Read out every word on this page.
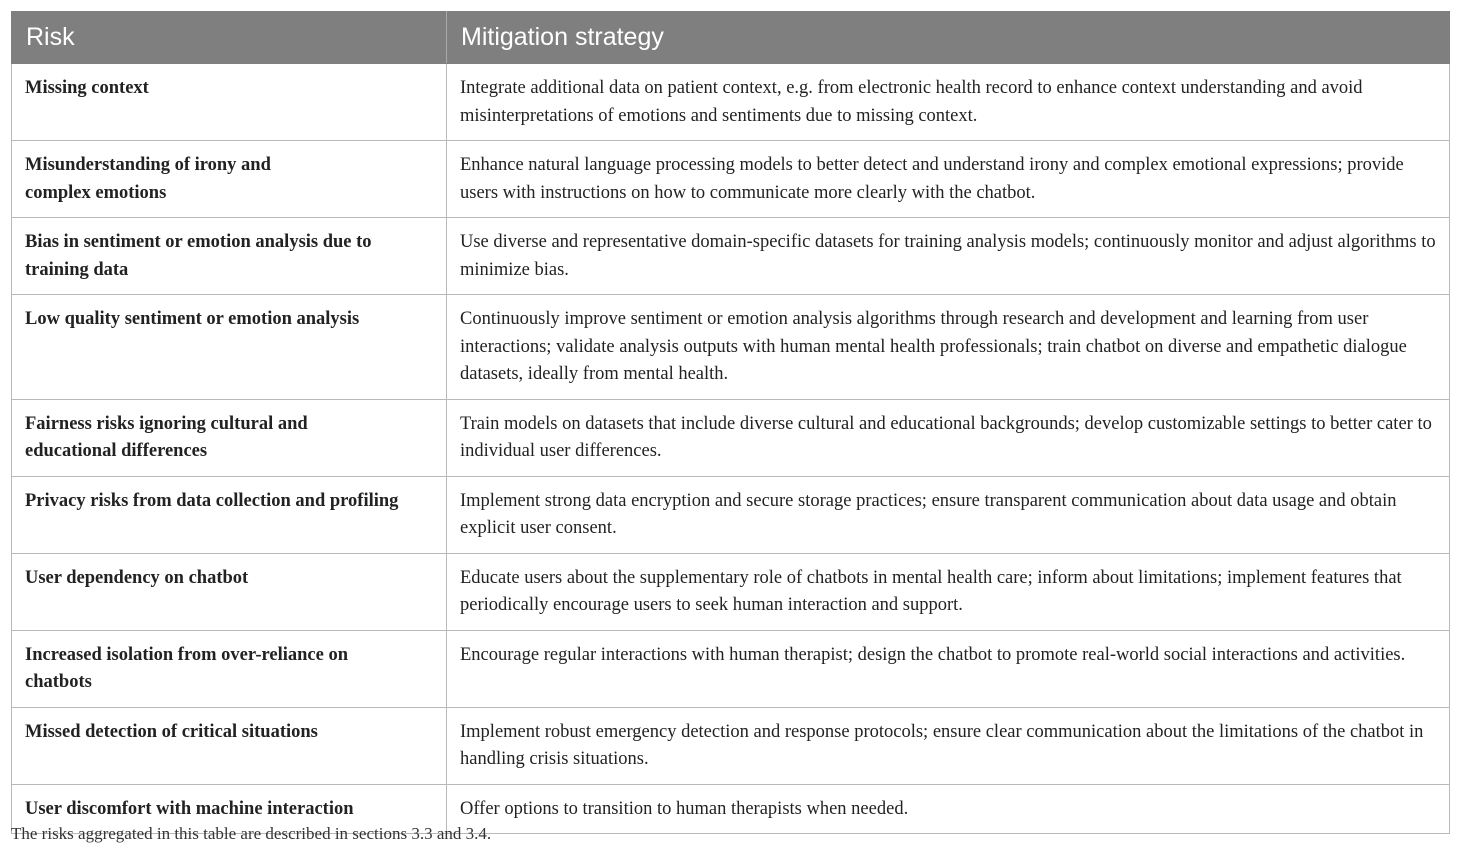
Risk	Mitigation strategy
Missing context	Integrate additional data on patient context, e.g. from electronic health record to enhance context understanding and avoid misinterpretations of emotions and sentiments due to missing context.

Misunderstanding of irony and complex emotions	Enhance natural language processing models to better detect and understand irony and complex emotional expressions; provide users with instructions on how to communicate more clearly with the chatbot.
Bias in sentiment or emotion analysis due to training data	Use diverse and representative domain-specific datasets for training analysis models; continuously monitor and adjust algorithms to minimize bias.
Low quality sentiment or emotion analysis	Continuously improve sentiment or emotion analysis algorithms through research and development and learning from user interactions; validate analysis outputs with human mental health professionals; train chatbot on diverse and empathetic dialogue datasets, ideally from mental health.

Fairness risks ignoring cultural and educational differences	Train models on datasets that include diverse cultural and educational backgrounds; develop customizable settings to better cater to individual user differences.
Privacy risks from data collection and profiling	Implement strong data encryption and secure storage practices; ensure transparent communication about data usage and obtain explicit user consent.
User dependency on chatbot	Educate users about the supplementary role of chatbots in mental health care; inform about limitations; implement features that periodically encourage users to seek human interaction and support.

Increased isolation from over-reliance on chatbots	Encourage regular interactions with human therapist; design the chatbot to promote real-world social interactions and activities.
Missed detection of critical situations	Implement robust emergency detection and response protocols; ensure clear communication about the limitations of the chatbot in handling crisis situations.
User discomfort with machine interaction	Offer options to transition to human therapists when needed.
The risks aggregated in this table are described in sections 3.3 and 3.4.
